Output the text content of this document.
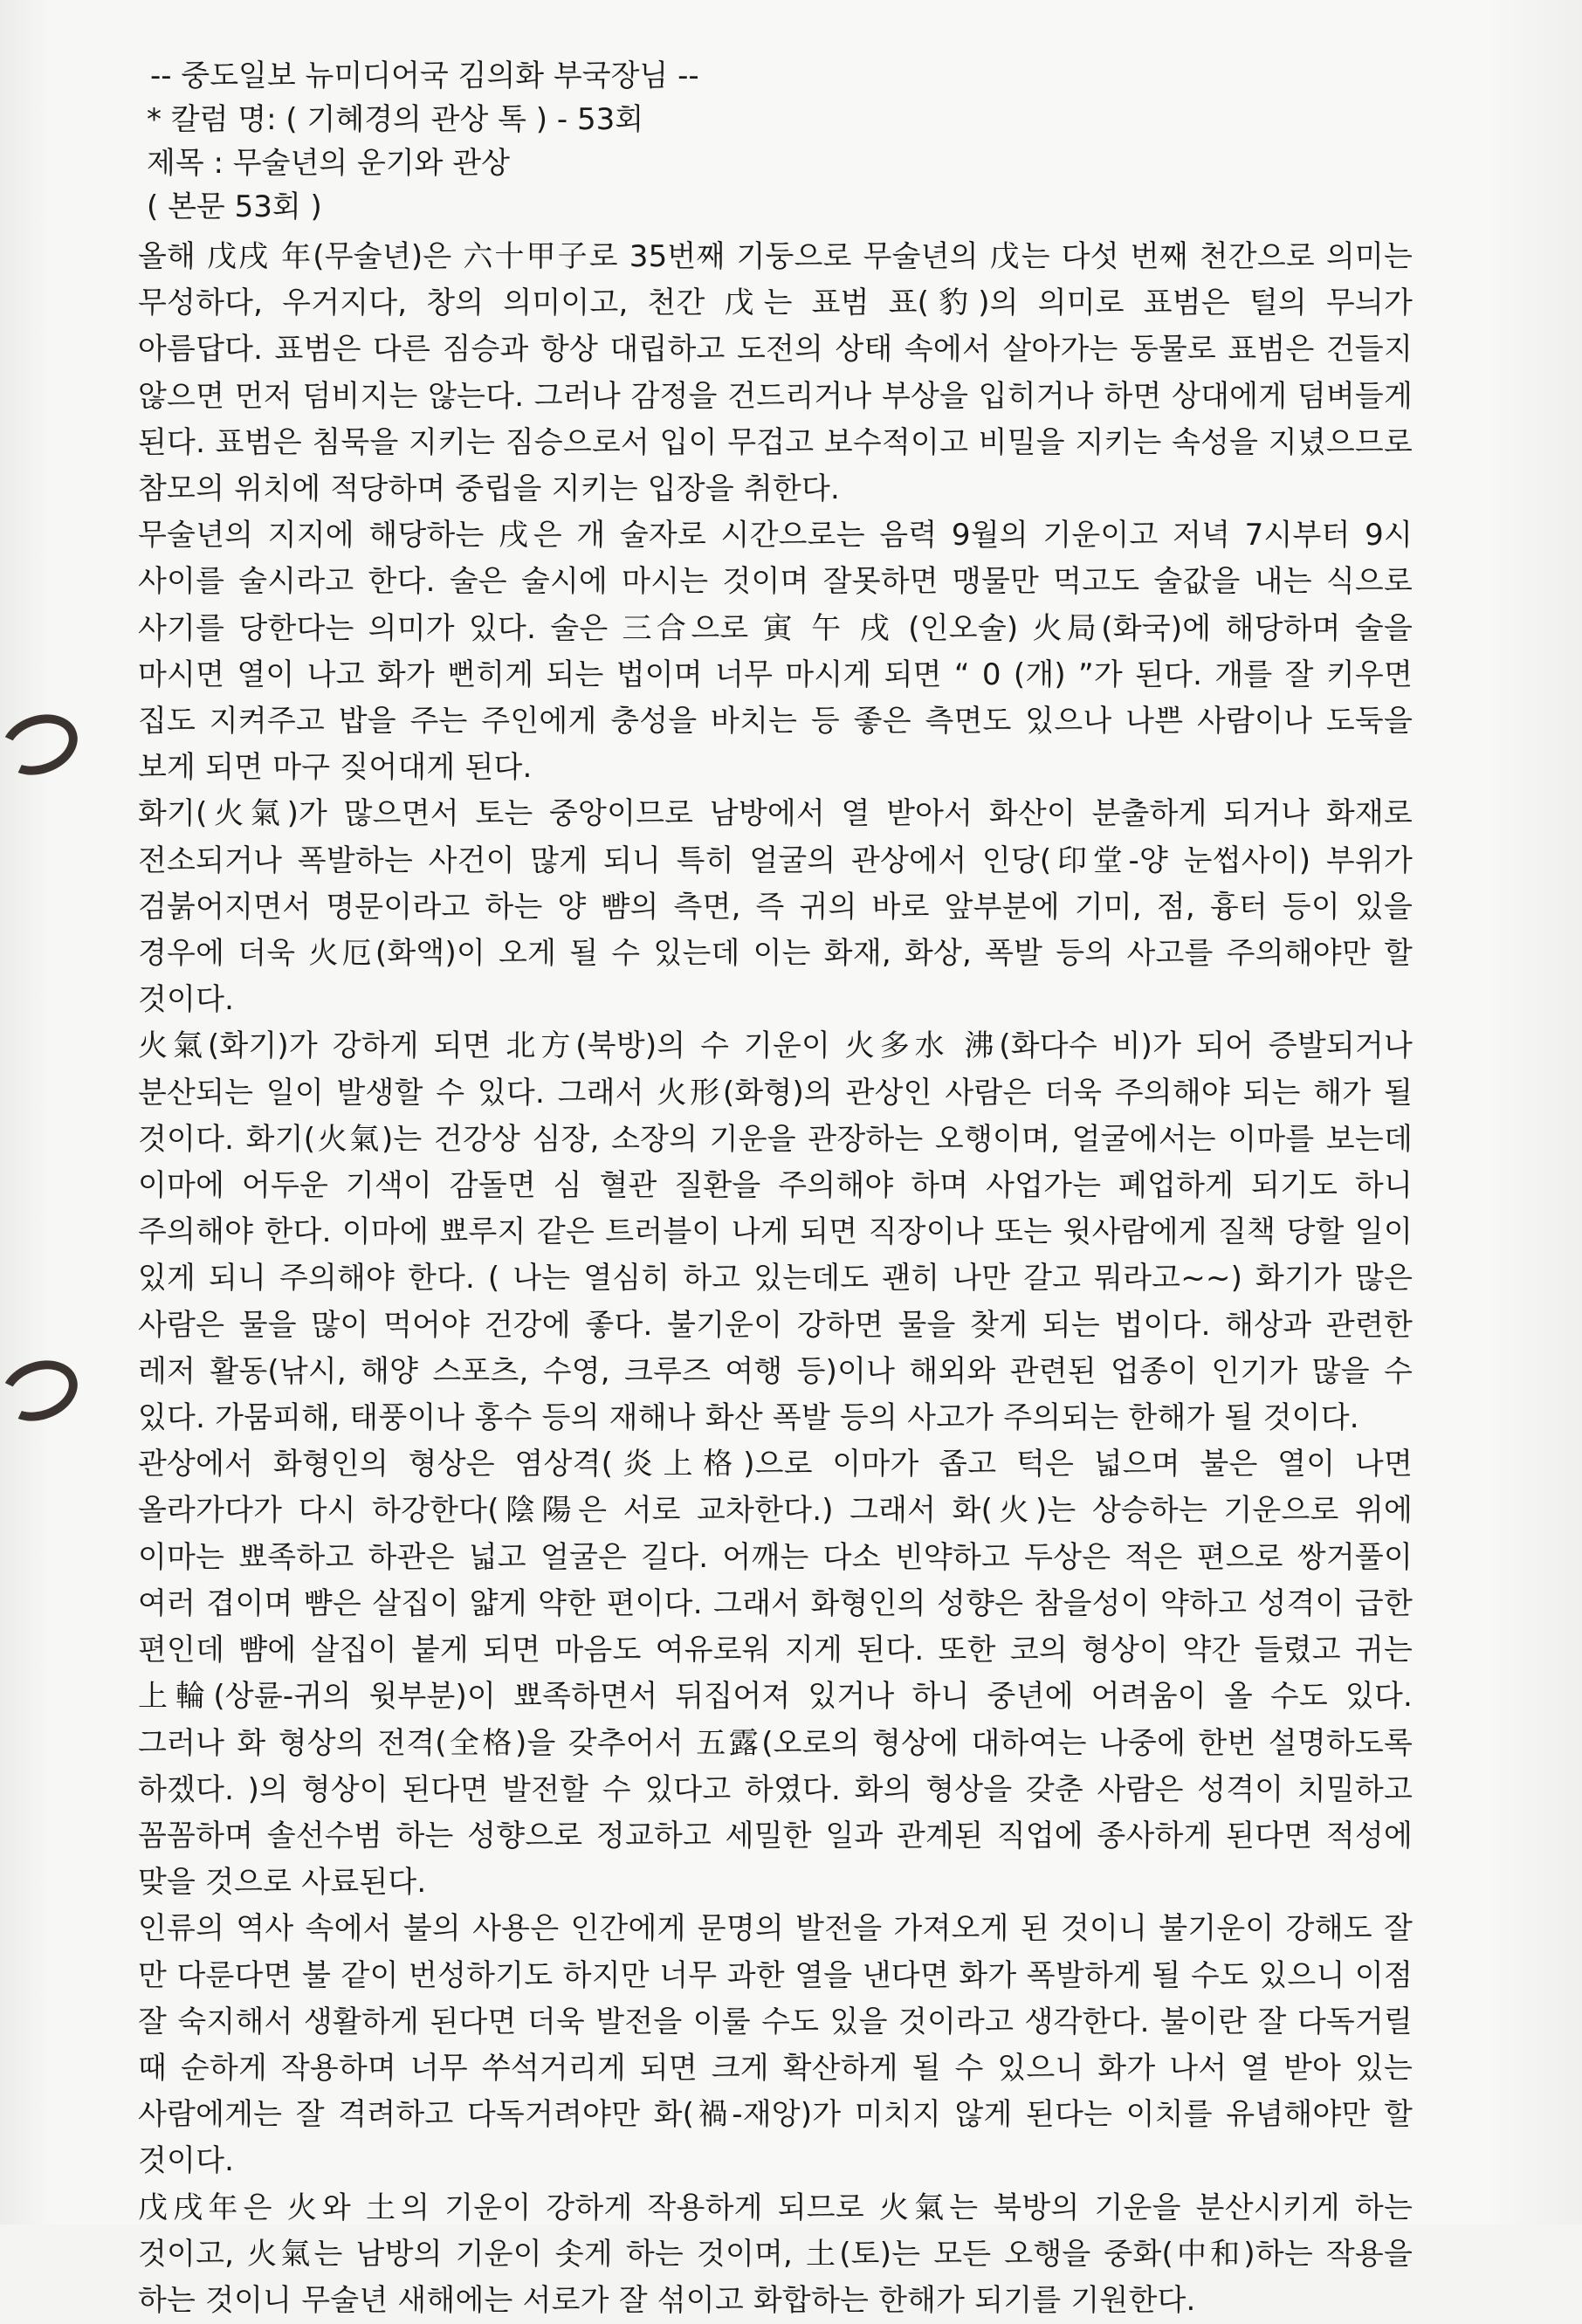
-- 중도일보 뉴미디어국 김의화 부국장님 --
* 칼럼 명: ( 기혜경의 관상 톡 ) - 53회
제목 : 무술년의 운기와 관상
( 본문 53회 )

올해 戊戌 年(무술년)은 六十甲子로 35번째 기둥으로 무술년의 戊는 다섯 번째 천간으로 의미는 무성하다, 우거지다, 창의 의미이고, 천간 戊는 표범 표(豹)의 의미로 표범은 털의 무늬가 아름답다. 표범은 다른 짐승과 항상 대립하고 도전의 상태 속에서 살아가는 동물로 표범은 건들지 않으면 먼저 덤비지는 않는다. 그러나 감정을 건드리거나 부상을 입히거나 하면 상대에게 덤벼들게 된다. 표범은 침묵을 지키는 짐승으로서 입이 무겁고 보수적이고 비밀을 지키는 속성을 지녔으므로 참모의 위치에 적당하며 중립을 지키는 입장을 취한다.

무술년의 지지에 해당하는 戌은 개 술자로 시간으로는 음력 9월의 기운이고 저녁 7시부터 9시 사이를 술시라고 한다. 술은 술시에 마시는 것이며 잘못하면 맹물만 먹고도 술값을 내는 식으로 사기를 당한다는 의미가 있다. 술은 三合으로 寅 午 戌 (인오술) 火局(화국)에 해당하며 술을 마시면 열이 나고 화가 뻔히게 되는 법이며 너무 마시게 되면 “ 0 (개) ”가 된다. 개를 잘 키우면 집도 지켜주고 밥을 주는 주인에게 충성을 바치는 등 좋은 측면도 있으나 나쁜 사람이나 도둑을 보게 되면 마구 짖어대게 된다.

화기(火氣)가 많으면서 토는 중앙이므로 남방에서 열 받아서 화산이 분출하게 되거나 화재로 전소되거나 폭발하는 사건이 많게 되니 특히 얼굴의 관상에서 인당(印堂-양 눈썹사이) 부위가 검붉어지면서 명문이라고 하는 양 뺨의 측면, 즉 귀의 바로 앞부분에 기미, 점, 흉터 등이 있을 경우에 더욱 火厄(화액)이 오게 될 수 있는데 이는 화재, 화상, 폭발 등의 사고를 주의해야만 할 것이다.

火氣(화기)가 강하게 되면 北方(북방)의 수 기운이 火多水 沸(화다수 비)가 되어 증발되거나 분산되는 일이 발생할 수 있다. 그래서 火形(화형)의 관상인 사람은 더욱 주의해야 되는 해가 될 것이다. 화기(火氣)는 건강상 심장, 소장의 기운을 관장하는 오행이며, 얼굴에서는 이마를 보는데 이마에 어두운 기색이 감돌면 심 혈관 질환을 주의해야 하며 사업가는 폐업하게 되기도 하니 주의해야 한다. 이마에 뾰루지 같은 트러블이 나게 되면 직장이나 또는 윗사람에게 질책 당할 일이 있게 되니 주의해야 한다. ( 나는 열심히 하고 있는데도 괜히 나만 갈고 뭐라고~~) 화기가 많은 사람은 물을 많이 먹어야 건강에 좋다. 불기운이 강하면 물을 찾게 되는 법이다. 해상과 관련한 레저 활동(낚시, 해양 스포츠, 수영, 크루즈 여행 등)이나 해외와 관련된 업종이 인기가 많을 수 있다. 가뭄피해, 태풍이나 홍수 등의 재해나 화산 폭발 등의 사고가 주의되는 한해가 될 것이다.

관상에서 화형인의 형상은 염상격(炎上格)으로 이마가 좁고 턱은 넓으며 불은 열이 나면 올라가다가 다시 하강한다(陰陽은 서로 교차한다.) 그래서 화(火)는 상승하는 기운으로 위에 이마는 뾰족하고 하관은 넓고 얼굴은 길다. 어깨는 다소 빈약하고 두상은 적은 편으로 쌍거풀이 여러 겹이며 뺨은 살집이 얇게 약한 편이다. 그래서 화형인의 성향은 참을성이 약하고 성격이 급한 편인데 뺨에 살집이 붙게 되면 마음도 여유로워 지게 된다. 또한 코의 형상이 약간 들렸고 귀는 上輪(상륜-귀의 윗부분)이 뾰족하면서 뒤집어져 있거나 하니 중년에 어려움이 올 수도 있다. 그러나 화 형상의 전격(全格)을 갖추어서 五露(오로의 형상에 대하여는 나중에 한번 설명하도록 하겠다. )의 형상이 된다면 발전할 수 있다고 하였다. 화의 형상을 갖춘 사람은 성격이 치밀하고 꼼꼼하며 솔선수범 하는 성향으로 정교하고 세밀한 일과 관계된 직업에 종사하게 된다면 적성에 맞을 것으로 사료된다.

인류의 역사 속에서 불의 사용은 인간에게 문명의 발전을 가져오게 된 것이니 불기운이 강해도 잘 만 다룬다면 불 같이 번성하기도 하지만 너무 과한 열을 낸다면 화가 폭발하게 될 수도 있으니 이점 잘 숙지해서 생활하게 된다면 더욱 발전을 이룰 수도 있을 것이라고 생각한다. 불이란 잘 다독거릴 때 순하게 작용하며 너무 쑤석거리게 되면 크게 확산하게 될 수 있으니 화가 나서 열 받아 있는 사람에게는 잘 격려하고 다독거려야만 화(禍-재앙)가 미치지 않게 된다는 이치를 유념해야만 할 것이다.

戊戌年은 火와 土의 기운이 강하게 작용하게 되므로 火氣는 북방의 기운을 분산시키게 하는 것이고, 火氣는 남방의 기운이 솟게 하는 것이며, 土(토)는 모든 오행을 중화(中和)하는 작용을 하는 것이니 무술년 새해에는 서로가 잘 섞이고 화합하는 한해가 되기를 기원한다.
